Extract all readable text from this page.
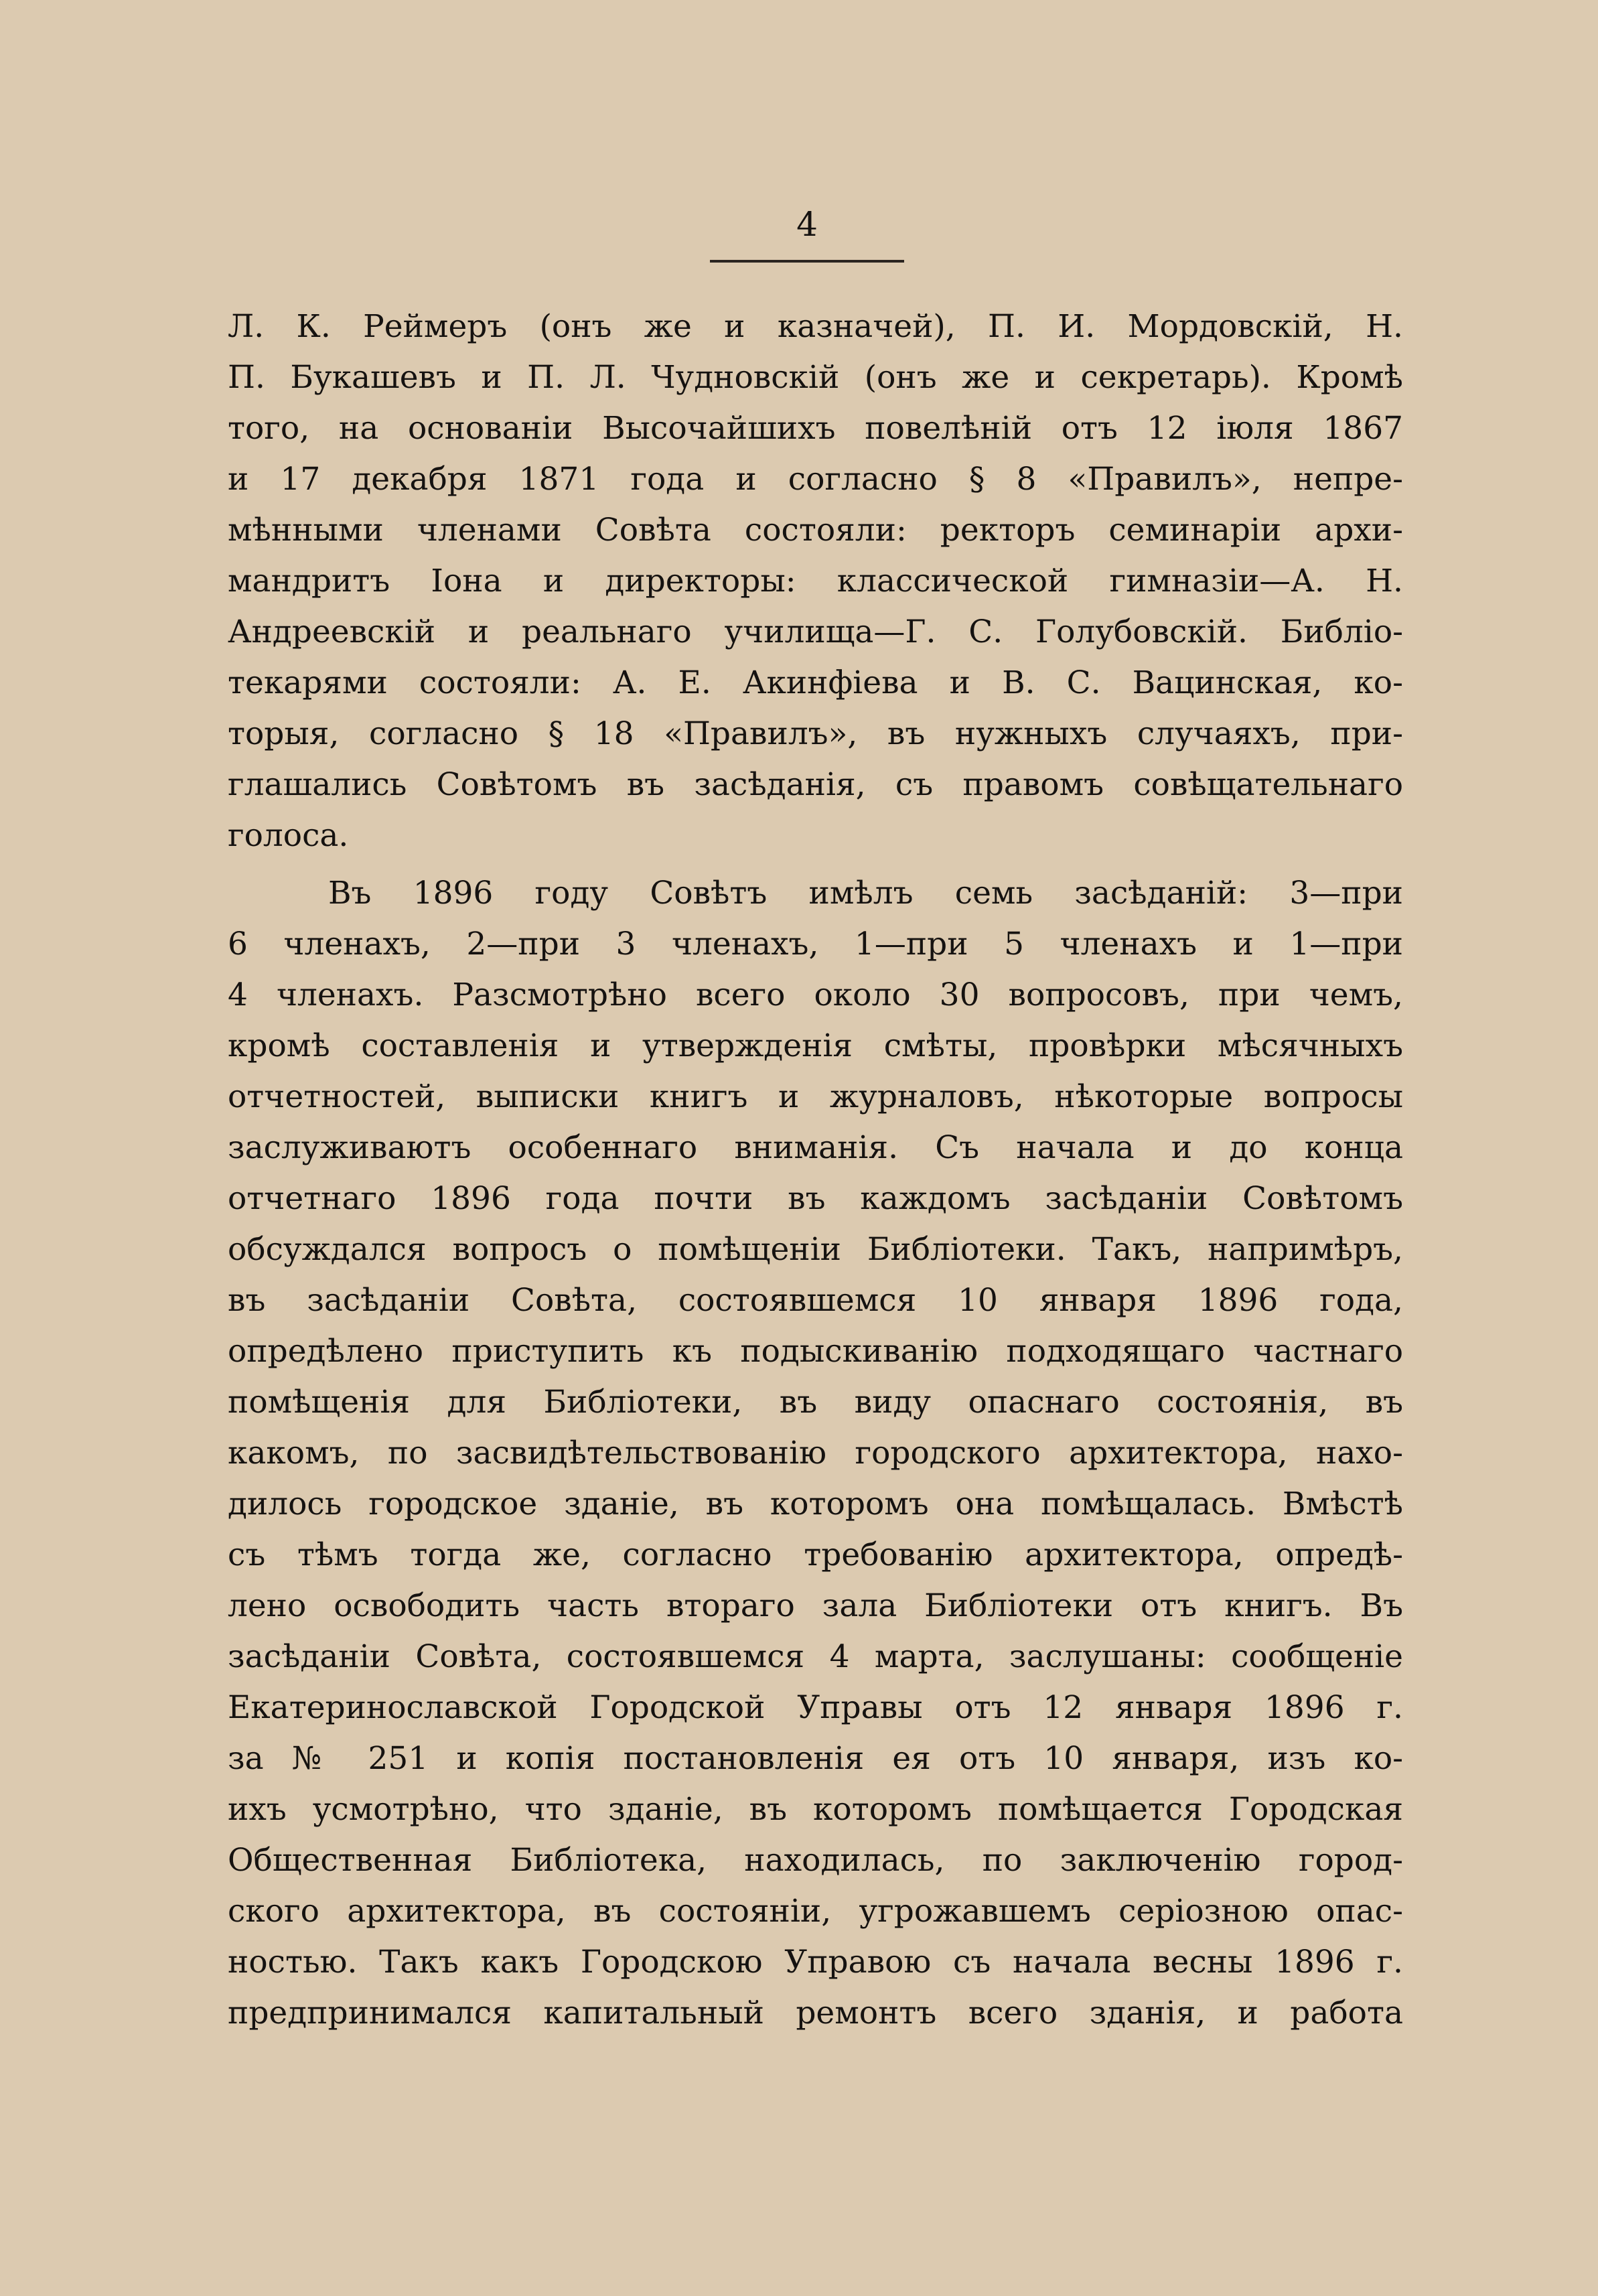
4
Л. К. Реймеръ (онъ же и казначей), П. И. Мордовскій, Н.
П. Букашевъ и П. Л. Чудновскій (онъ же и секретарь). Кромѣ
того, на основаніи Высочайшихъ повелѣній отъ 12 іюля 1867
и 17 декабря 1871 года и согласно § 8 «Правилъ», непре-
мѣнными членами Совѣта состояли: ректоръ семинаріи архи-
мандритъ Іона и директоры: классической гимназіи—А. Н.
Андреевскій и реальнаго училища—Г. С. Голубовскій. Библіо-
текарями состояли: А. Е. Акинфіева и В. С. Вацинская, ко-
торыя, согласно § 18 «Правилъ», въ нужныхъ случаяхъ, при-
глашались Совѣтомъ въ засѣданія, съ правомъ совѣщательнаго
голоса.
Въ 1896 году Совѣтъ имѣлъ семь засѣданій: 3—при
6 членахъ, 2—при 3 членахъ, 1—при 5 членахъ и 1—при
4 членахъ. Разсмотрѣно всего около 30 вопросовъ, при чемъ,
кромѣ составленія и утвержденія смѣты, провѣрки мѣсячныхъ
отчетностей, выписки книгъ и журналовъ, нѣкоторые вопросы
заслуживаютъ особеннаго вниманія. Съ начала и до конца
отчетнаго 1896 года почти въ каждомъ засѣданіи Совѣтомъ
обсуждался вопросъ о помѣщеніи Библіотеки. Такъ, напримѣръ,
въ засѣданіи Совѣта, состоявшемся 10 января 1896 года,
опредѣлено приступить къ подыскиванію подходящаго частнаго
помѣщенія для Библіотеки, въ виду опаснаго состоянія, въ
какомъ, по засвидѣтельствованію городского архитектора, нахо-
дилось городское зданіе, въ которомъ она помѣщалась. Вмѣстѣ
съ тѣмъ тогда же, согласно требованію архитектора, опредѣ-
лено освободить часть втораго зала Библіотеки отъ книгъ. Въ
засѣданіи Совѣта, состоявшемся 4 марта, заслушаны: сообщеніе
Екатеринославской Городской Управы отъ 12 января 1896 г.
за № 251 и копія постановленія ея отъ 10 января, изъ ко-
ихъ усмотрѣно, что зданіе, въ которомъ помѣщается Городская
Общественная Библіотека, находилась, по заключенію город-
ского архитектора, въ состояніи, угрожавшемъ серіозною опас-
ностью. Такъ какъ Городскою Управою съ начала весны 1896 г.
предпринимался капитальный ремонтъ всего зданія, и работа
